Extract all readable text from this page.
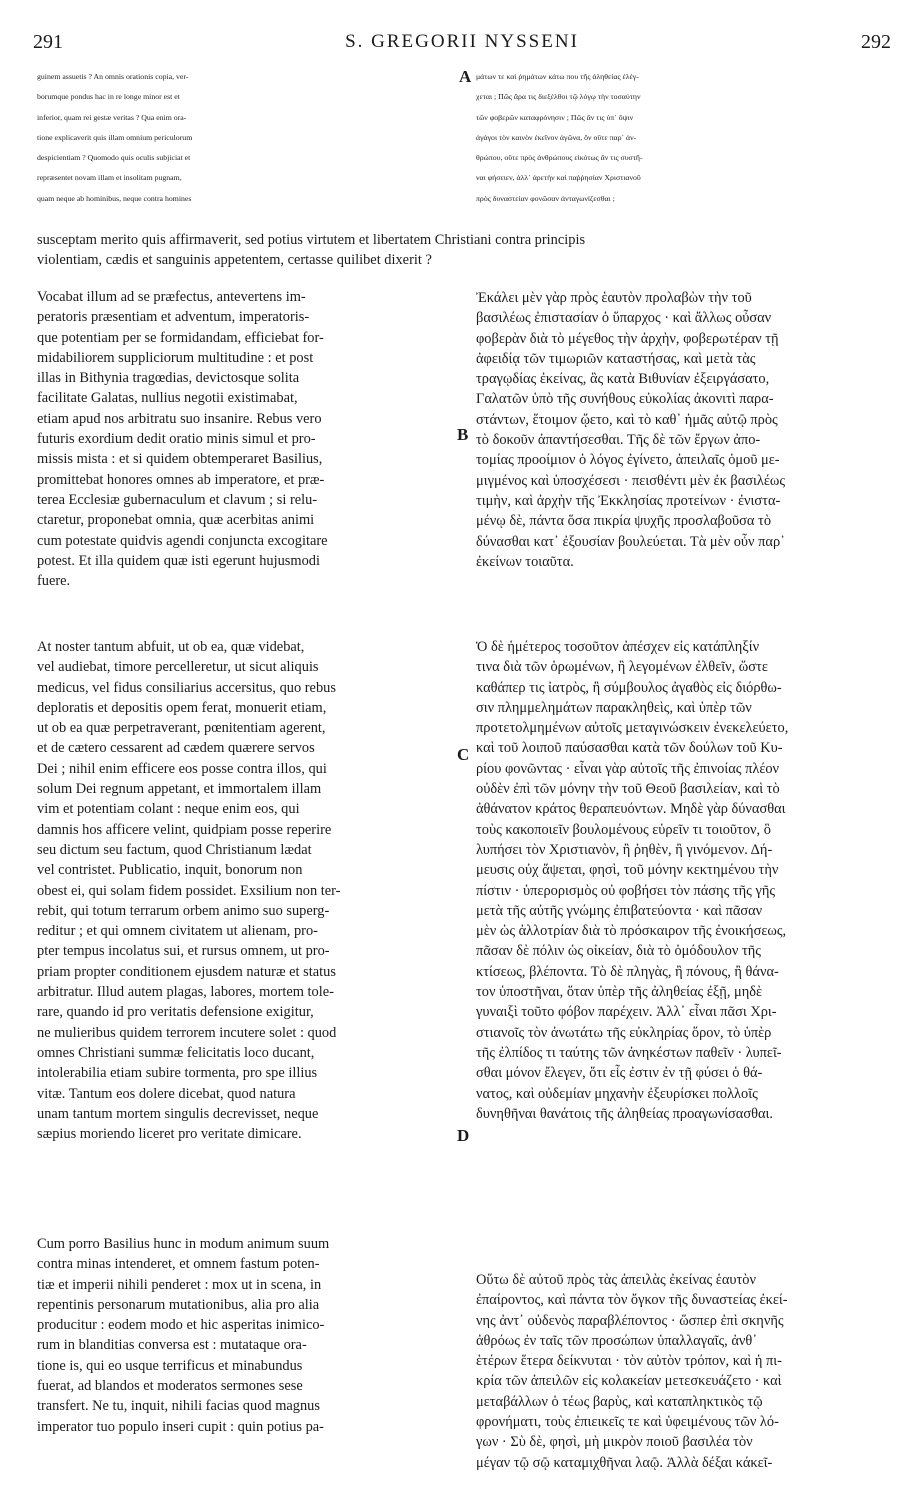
291	S. GREGORII NYSSENI	292
guinem assuetis ? An omnis orationis copia, ver-
borumque pondus hac in re longe minor est et
inferior, quam rei gestæ veritas ? Qua enim ora-
tione explicaverit quis illam omnium periculorum
despicientiam ? Quomodo quis oculis subjiciat et
repræsentet novam illam et insolitam pugnam,
quam neque ab hominibus, neque contra homines
A μάτων τε καὶ ῥημάτων κάτω που τῆς ἀληθείας ἐλέγ-
χεται ; Πῶς ἄρα τις διεξέλθοι τῷ λόγῳ τὴν τοσαύτην
τῶν φοβερῶν καταφρόνησιν ; Πῶς ἄν τις ὑπ᾽ ὄψιν
ἀγάγοι τὸν καινὸν ἐκεῖνον ἀγῶνα, ὃν οὔτε παρ᾽ ἀν-
θρώπου, οὔτε πρὸς ἀνθρώπους εἰκότως ἄν τις συστῆ-
ναι φήσειεν, ἀλλ᾽ ἀρετὴν καὶ παῤῥησίαν Χριστιανοῦ
πρὸς δυναστείαν φονῶσαν ἀνταγωνίζεσθαι ;
susceptam merito quis affirmaverit, sed potius virtutem et libertatem Christiani contra principis
violentiam, cædis et sanguinis appetentem, certasse quilibet dixerit ?
Vocabat illum ad se præfectus, antevertens im-
peratoris præsentiam et adventum, imperatoris-
que potentiam per se formidandam, efficiebat for-
midabiliorem suppliciorum multitudine : et post
illas in Bithynia tragœdias, devictosque solita
facilitate Galatas, nullius negotii existimabat,
etiam apud nos arbitratu suo insanire. Rebus vero
futuris exordium dedit oratio minis simul et pro-
missis mista : et si quidem obtemperaret Basilius,
promittebat honores omnes ab imperatore, et præ-
terea Ecclesiæ gubernaculum et clavum ; si relu-
ctaretur, proponebat omnia, quæ acerbitas animi
cum potestate quidvis agendi conjuncta excogitare
potest. Et illa quidem quæ isti egerunt hujusmodi
fuere.
B
Ἐκάλει μὲν γὰρ πρὸς ἑαυτὸν προλαβὼν τὴν τοῦ
βασιλέως ἐπιστασίαν ὁ ὕπαρχος · καὶ ἄλλως οὖσαν
φοβερὰν διὰ τὸ μέγεθος τὴν ἀρχὴν, φοβερωτέραν τῇ
ἀφειδίᾳ τῶν τιμωριῶν καταστήσας, καὶ μετὰ τὰς
τραγῳδίας ἐκείνας, ἃς κατὰ Βιθυνίαν ἐξειργάσατο,
Γαλατῶν ὑπὸ τῆς συνήθους εὐκολίας ἀκονιτὶ παρα-
στάντων, ἕτοιμον ᾤετο, καὶ τὸ καθ᾽ ἡμᾶς αὐτῷ πρὸς
τὸ δοκοῦν ἀπαντήσεσθαι. Τῆς δὲ τῶν ἔργων ἀπο-
τομίας προοίμιον ὁ λόγος ἐγίνετο, ἀπειλαῖς ὁμοῦ με-
μιγμένος καὶ ὑποσχέσεσι · πεισθέντι μὲν ἐκ βασιλέως
τιμὴν, καὶ ἀρχὴν τῆς Ἐκκλησίας προτείνων · ἐνιστα-
μένῳ δὲ, πάντα ὅσα πικρία ψυχῆς προσλαβοῦσα τὸ
δύνασθαι κατ᾽ ἐξουσίαν βουλεύεται. Τὰ μὲν οὖν παρ᾽
ἐκείνων τοιαῦτα.
At noster tantum abfuit, ut ob ea, quæ videbat,
vel audiebat, timore percelleretur, ut sicut aliquis
medicus, vel fidus consiliarius accersitus, quo rebus
deploratis et depositis opem ferat, monuerit etiam,
ut ob ea quæ perpetraverant, pœnitentiam agerent,
et de cætero cessarent ad cædem quærere servos
Dei ; nihil enim efficere eos posse contra illos, qui
solum Dei regnum appetant, et immortalem illam
vim et potentiam colant : neque enim eos, qui
damnis hos afficere velint, quidpiam posse reperire
seu dictum seu factum, quod Christianum lædat
vel contristet. Publicatio, inquit, bonorum non
obest ei, qui solam fidem possidet. Exsilium non ter-
rebit, qui totum terrarum orbem animo suo superg-
reditur ; et qui omnem civitatem ut alienam, pro-
pter tempus incolatus sui, et rursus omnem, ut pro-
priam propter conditionem ejusdem naturæ et status
arbitratur. Illud autem plagas, labores, mortem tole-
rare, quando id pro veritatis defensione exigitur,
ne mulieribus quidem terrorem incutere solet : quod
omnes Christiani summæ felicitatis loco ducant,
intolerabilia etiam subire tormenta, pro spe illius
vitæ. Tantum eos dolere dicebat, quod natura
unam tantum mortem singulis decrevisset, neque
sæpius moriendo liceret pro veritate dimicare.
C
Ὁ δὲ ἡμέτερος τοσοῦτον ἀπέσχεν εἰς κατάπληξίν
τινα διὰ τῶν ὁρωμένων, ἢ λεγομένων ἐλθεῖν, ὥστε
καθάπερ τις ἰατρὸς, ἢ σύμβουλος ἀγαθὸς εἰς διόρθω-
σιν πλημμελημάτων παρακληθεὶς, καὶ ὑπὲρ τῶν
προτετολμημένων αὐτοῖς μεταγινώσκειν ἐνεκελεύετο,
καὶ τοῦ λοιποῦ παύσασθαι κατὰ τῶν δούλων τοῦ Κυ-
ρίου φονῶντας · εἶναι γὰρ αὐτοῖς τῆς ἐπινοίας πλέον
οὐδὲν ἐπὶ τῶν μόνην τὴν τοῦ Θεοῦ βασιλείαν, καὶ τὸ
ἀθάνατον κράτος θεραπευόντων. Μηδὲ γὰρ δύνασθαι
τοὺς κακοποιεῖν βουλομένους εὑρεῖν τι τοιοῦτον, ὃ
λυπήσει τὸν Χριστιανὸν, ἢ ῥηθὲν, ἢ γινόμενον. Δή-
μευσις οὐχ ἅψεται, φησὶ, τοῦ μόνην κεκτημένου τὴν
πίστιν · ὑπερορισμὸς οὐ φοβήσει τὸν πάσης τῆς γῆς
μετὰ τῆς αὐτῆς γνώμης ἐπιβατεύοντα · καὶ πᾶσαν
μὲν ὡς ἀλλοτρίαν διὰ τὸ πρόσκαιρον τῆς ἐνοικήσεως,
πᾶσαν δὲ πόλιν ὡς οἰκείαν, διὰ τὸ ὁμόδουλον τῆς
κτίσεως, βλέποντα. Τὸ δὲ πληγὰς, ἢ πόνους, ἢ θάνα-
τον ὑποστῆναι, ὅταν ὑπὲρ τῆς ἀληθείας ἐξῇ, μηδὲ
γυναιξὶ τοῦτο φόβον παρέχειν. Ἀλλ᾽ εἶναι πᾶσι Χρι-
στιανοῖς τὸν ἀνωτάτω τῆς εὐκληρίας ὅρον, τὸ ὑπὲρ
τῆς ἐλπίδος τι ταύτης τῶν ἀνηκέστων παθεῖν · λυπεῖ-
σθαι μόνον ἔλεγεν, ὅτι εἷς ἐστιν ἐν τῇ φύσει ὁ θά-
νατος, καὶ οὐδεμίαν μηχανὴν ἐξευρίσκει πολλοῖς
δυνηθῆναι θανάτοις τῆς ἀληθείας προαγωνίσασθαι.
D
Cum porro Basilius hunc in modum animum suum
contra minas intenderet, et omnem fastum poten-
tiæ et imperii nihili penderet : mox ut in scena, in
repentinis personarum mutationibus, alia pro alia
producitur : eodem modo et hic asperitas inimico-
rum in blanditias conversa est : mutataque ora-
tione is, qui eo usque terrificus et minabundus
fuerat, ad blandos et moderatos sermones sese
transfert. Ne tu, inquit, nihili facias quod magnus
imperator tuo populo inseri cupit : quin potius pa-
Οὕτω δὲ αὐτοῦ πρὸς τὰς ἀπειλὰς ἐκείνας ἑαυτὸν
ἐπαίροντος, καὶ πάντα τὸν ὄγκον τῆς δυναστείας ἐκεί-
νης ἀντ᾽ οὐδενὸς παραβλέποντος · ὥσπερ ἐπὶ σκηνῆς
ἀθρόως ἐν ταῖς τῶν προσώπων ὑπαλλαγαῖς, ἀνθ᾽
ἑτέρων ἕτερα δείκνυται · τὸν αὐτὸν τρόπον, καὶ ἡ πι-
κρία τῶν ἀπειλῶν εἰς κολακείαν μετεσκευάζετο · καὶ
μεταβάλλων ὁ τέως βαρὺς, καὶ καταπληκτικὸς τῷ
φρονήματι, τοὺς ἐπιεικεῖς τε καὶ ὑφειμένους τῶν λό-
γων · Σὺ δὲ, φησὶ, μὴ μικρὸν ποιοῦ βασιλέα τὸν
μέγαν τῷ σῷ καταμιχθῆναι λαῷ. Ἀλλὰ δέξαι κάκεῖ-
